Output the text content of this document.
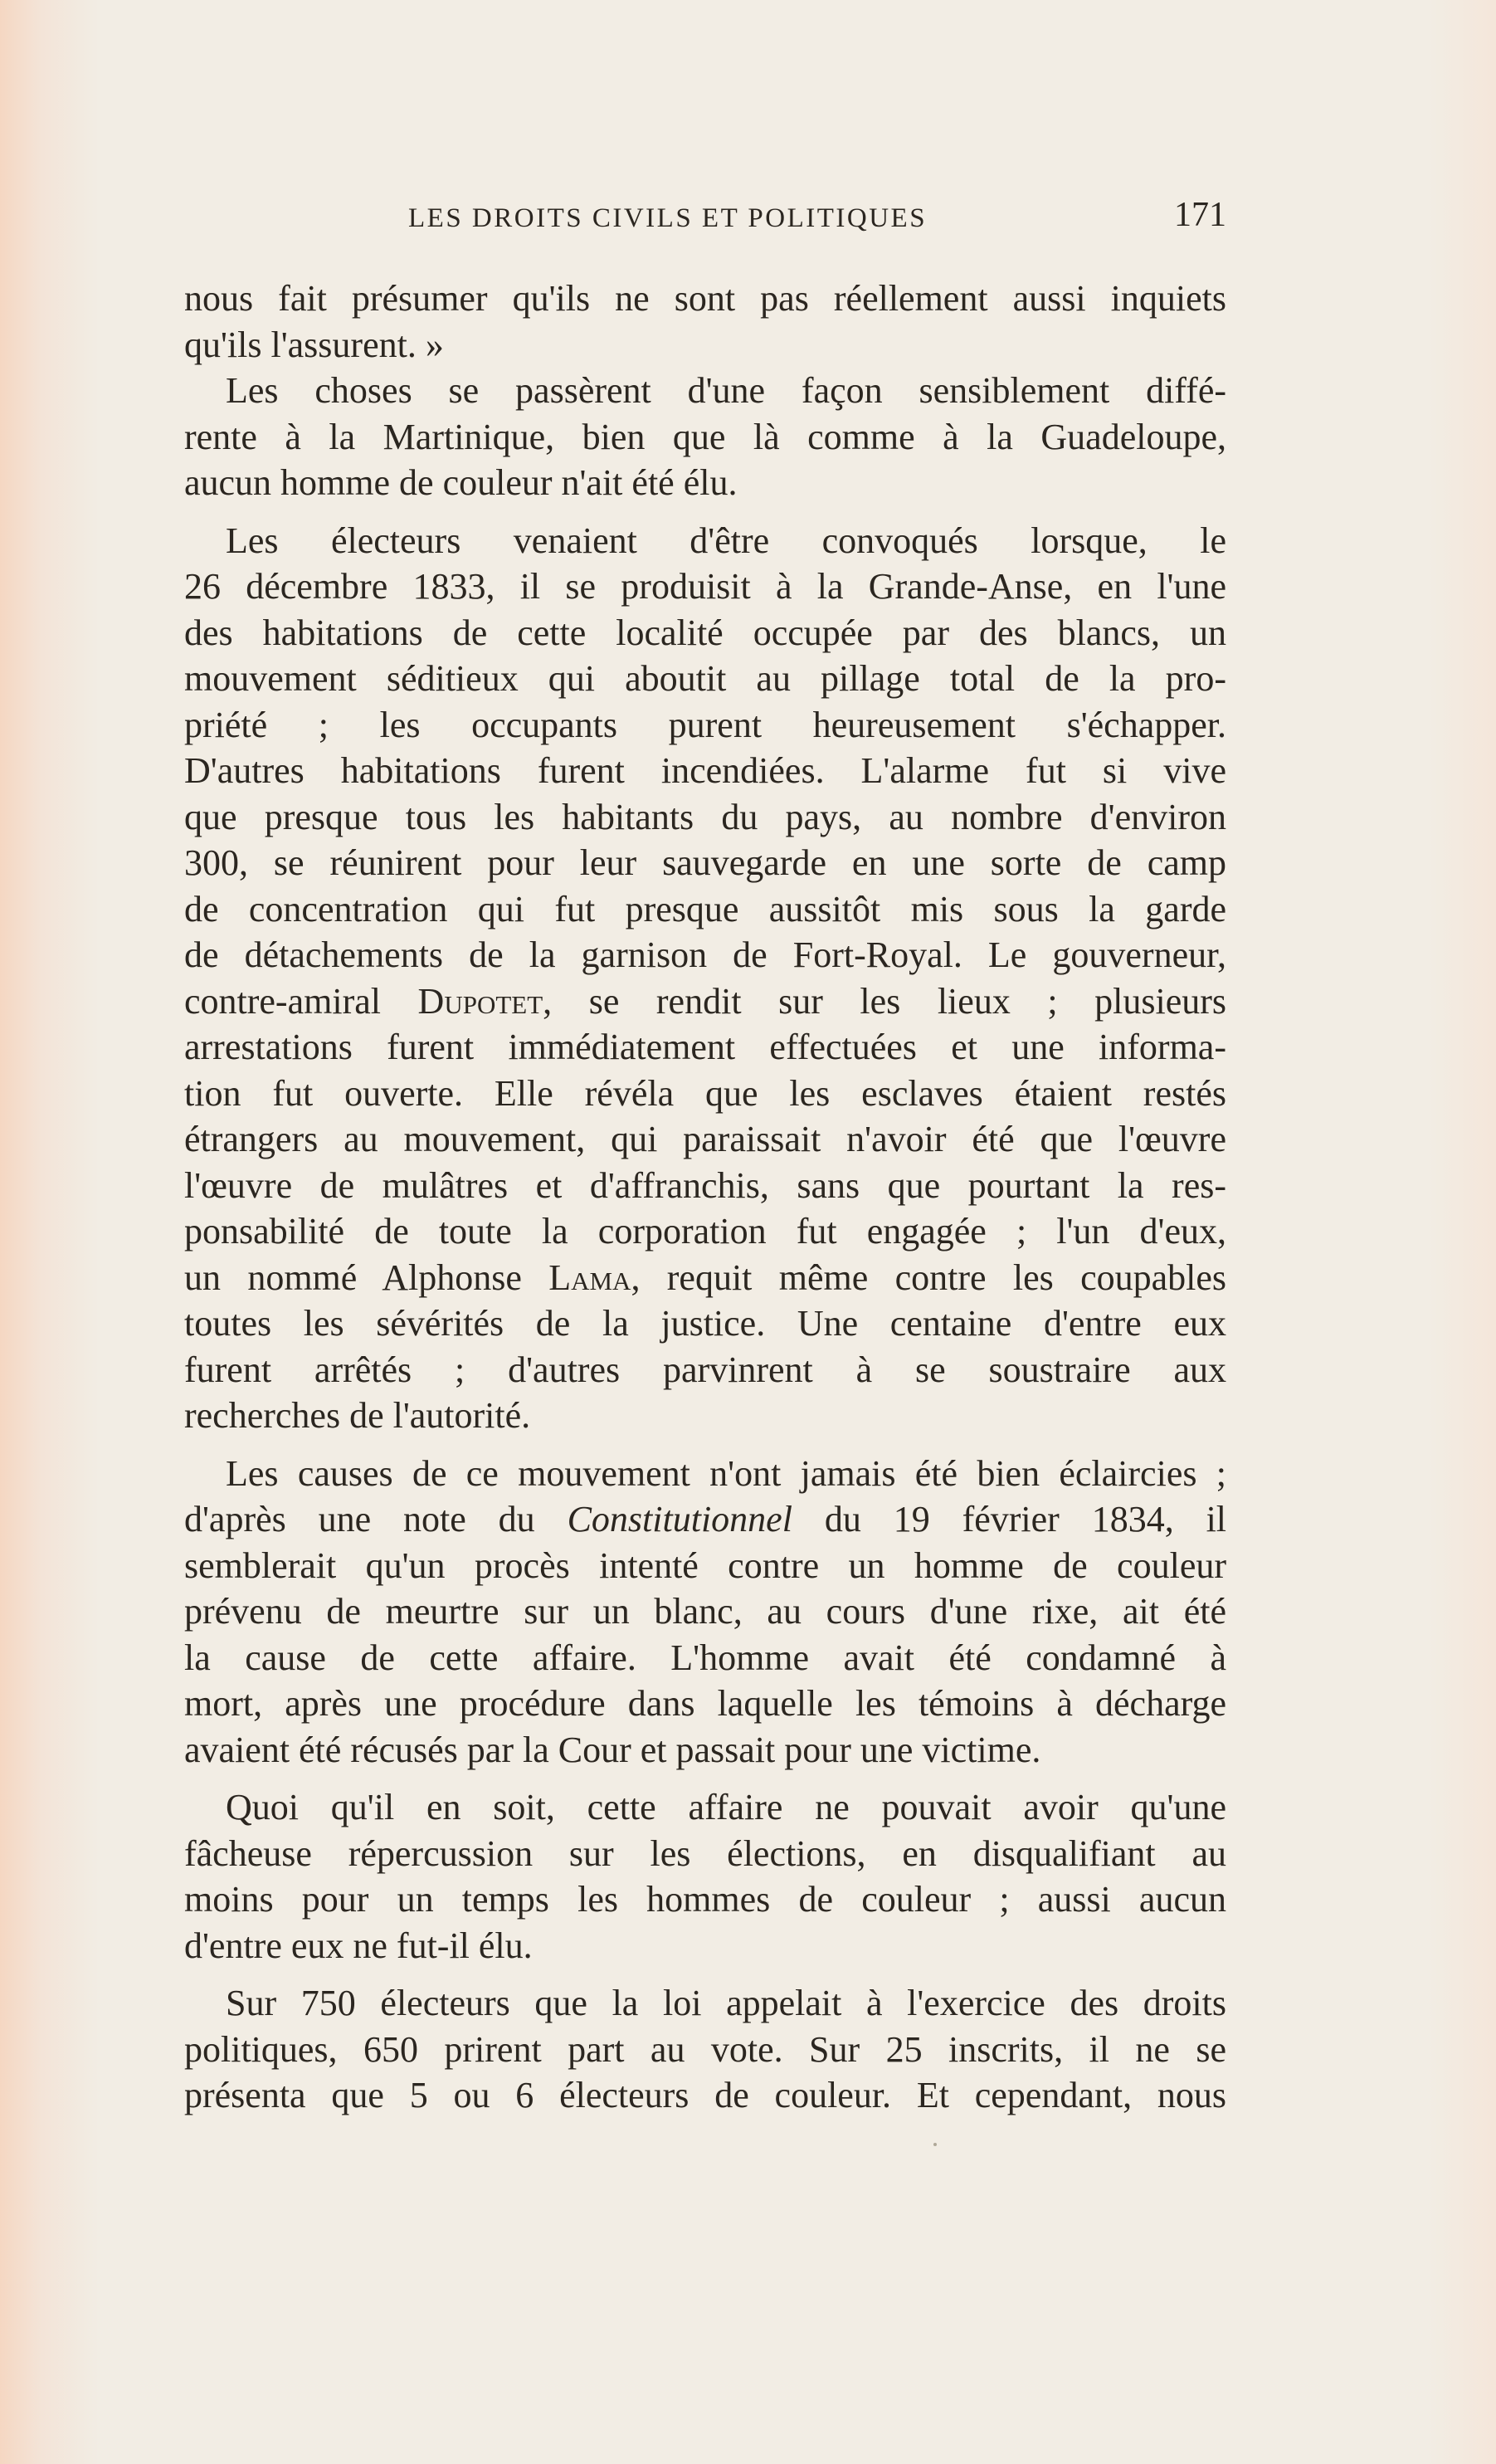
LES DROITS CIVILS ET POLITIQUES	171
nous fait présumer qu'ils ne sont pas réellement aussi inquiets
qu'ils l'assurent. »
Les choses se passèrent d'une façon sensiblement diffé-
rente à la Martinique, bien que là comme à la Guadeloupe,
aucun homme de couleur n'ait été élu.
Les électeurs venaient d'être convoqués lorsque, le
26 décembre 1833, il se produisit à la Grande-Anse, en l'une
des habitations de cette localité occupée par des blancs, un
mouvement séditieux qui aboutit au pillage total de la pro-
priété ; les occupants purent heureusement s'échapper.
D'autres habitations furent incendiées. L'alarme fut si vive
que presque tous les habitants du pays, au nombre d'environ
300, se réunirent pour leur sauvegarde en une sorte de camp
de concentration qui fut presque aussitôt mis sous la garde
de détachements de la garnison de Fort-Royal. Le gouverneur,
contre-amiral Dupotet, se rendit sur les lieux ; plusieurs
arrestations furent immédiatement effectuées et une informa-
tion fut ouverte. Elle révéla que les esclaves étaient restés
étrangers au mouvement, qui paraissait n'avoir été que l'œuvre
l'œuvre de mulâtres et d'affranchis, sans que pourtant la res-
ponsabilité de toute la corporation fut engagée ; l'un d'eux,
un nommé Alphonse Lama, requit même contre les coupables
toutes les sévérités de la justice. Une centaine d'entre eux
furent arrêtés ; d'autres parvinrent à se soustraire aux
recherches de l'autorité.
Les causes de ce mouvement n'ont jamais été bien éclaircies ;
d'après une note du Constitutionnel du 19 février 1834, il
semblerait qu'un procès intenté contre un homme de couleur
prévenu de meurtre sur un blanc, au cours d'une rixe, ait été
la cause de cette affaire. L'homme avait été condamné à
mort, après une procédure dans laquelle les témoins à décharge
avaient été récusés par la Cour et passait pour une victime.
Quoi qu'il en soit, cette affaire ne pouvait avoir qu'une
fâcheuse répercussion sur les élections, en disqualifiant au
moins pour un temps les hommes de couleur ; aussi aucun
d'entre eux ne fut-il élu.
Sur 750 électeurs que la loi appelait à l'exercice des droits
politiques, 650 prirent part au vote. Sur 25 inscrits, il ne se
présenta que 5 ou 6 électeurs de couleur. Et cependant, nous
